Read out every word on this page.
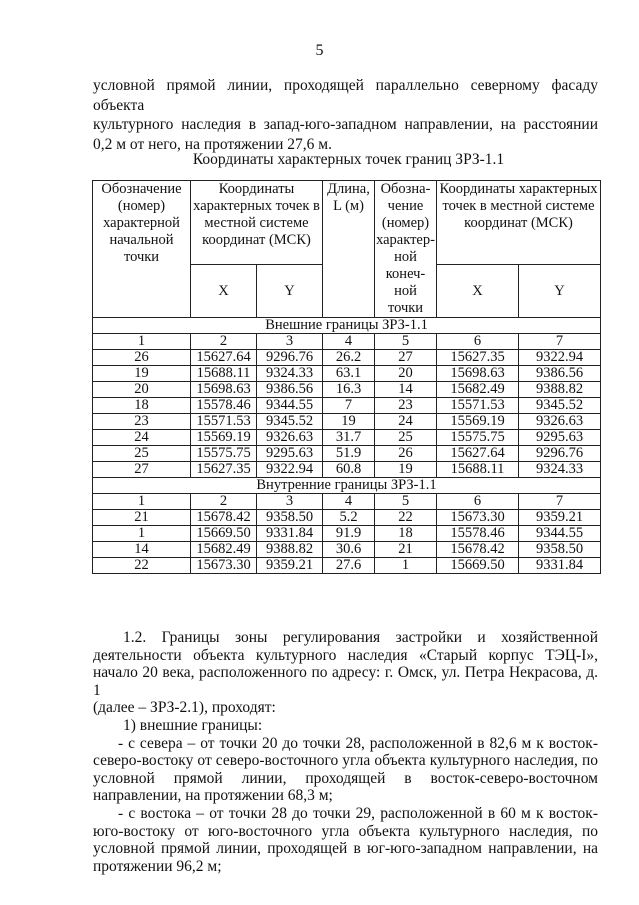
5
условной прямой линии, проходящей параллельно северному фасаду объекта
культурного наследия в запад-юго-западном направлении, на расстоянии
0,2 м от него, на протяжении 27,6 м.
Координаты характерных точек границ ЗРЗ-1.1
Обозначение (номер) характерной начальной точки	Координаты характерных точек в местной системе координат (МСК)		Длина, L (м)	Обозна-чение (номер) характер-ной конеч-ной точки	Координаты характерных точек в местной системе координат (МСК)	
	X	Y			X	Y
Внешние границы ЗРЗ-1.1						
1	2	3	4	5	6	7
26	15627.64	9296.76	26.2	27	15627.35	9322.94
19	15688.11	9324.33	63.1	20	15698.63	9386.56
20	15698.63	9386.56	16.3	14	15682.49	9388.82
18	15578.46	9344.55	7	23	15571.53	9345.52
23	15571.53	9345.52	19	24	15569.19	9326.63
24	15569.19	9326.63	31.7	25	15575.75	9295.63
25	15575.75	9295.63	51.9	26	15627.64	9296.76
27	15627.35	9322.94	60.8	19	15688.11	9324.33
Внутренние границы ЗРЗ-1.1						
1	2	3	4	5	6	7
21	15678.42	9358.50	5.2	22	15673.30	9359.21
1	15669.50	9331.84	91.9	18	15578.46	9344.55
14	15682.49	9388.82	30.6	21	15678.42	9358.50
22	15673.30	9359.21	27.6	1	15669.50	9331.84
1.2. Границы зоны регулирования застройки и хозяйственной
деятельности объекта культурного наследия «Старый корпус ТЭЦ-I»,
начало 20 века, расположенного по адресу: г. Омск, ул. Петра Некрасова, д. 1
(далее – ЗРЗ-2.1), проходят:
1) внешние границы:
- с севера – от точки 20 до точки 28, расположенной в 82,6 м к восток-
северо-востоку от северо-восточного угла объекта культурного наследия, по
условной прямой линии, проходящей в восток-северо-восточном
направлении, на протяжении 68,3 м;
- с востока – от точки 28 до точки 29, расположенной в 60 м к восток-
юго-востоку от юго-восточного угла объекта культурного наследия, по
условной прямой линии, проходящей в юг-юго-западном направлении, на
протяжении 96,2 м;
